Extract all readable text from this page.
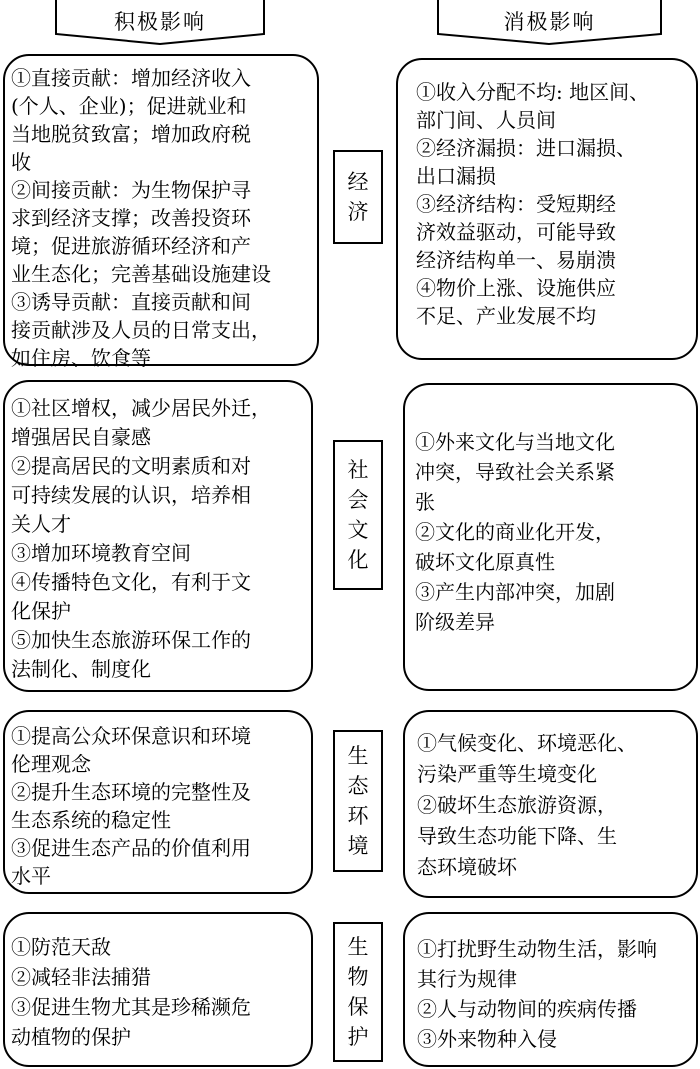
积极影响	消极影响
①直接贡献：增加经济收入
(个人、企业)；促进就业和
当地脱贫致富；增加政府税
收
②间接贡献：为生物保护寻
求到经济支撑；改善投资环
境；促进旅游循环经济和产
业生态化；完善基础设施建设
③诱导贡献：直接贡献和间
接贡献涉及人员的日常支出，
如住房、饮食等
经
济
①收入分配不均: 地区间、
部门间、人员间
②经济漏损：进口漏损、
出口漏损
③经济结构：受短期经
济效益驱动，可能导致
经济结构单一、易崩溃
④物价上涨、设施供应
不足、产业发展不均
①社区增权，减少居民外迁，
增强居民自豪感
②提高居民的文明素质和对
可持续发展的认识，培养相
关人才
③增加环境教育空间
④传播特色文化，有利于文
化保护
⑤加快生态旅游环保工作的
法制化、制度化
社
会
文
化
①外来文化与当地文化
冲突，导致社会关系紧
张
②文化的商业化开发，
破坏文化原真性
③产生内部冲突，加剧
阶级差异
①提高公众环保意识和环境
伦理观念
②提升生态环境的完整性及
生态系统的稳定性
③促进生态产品的价值利用
水平
生
态
环
境
①气候变化、环境恶化、
污染严重等生境变化
②破坏生态旅游资源，
导致生态功能下降、生
态环境破坏
①防范天敌
②减轻非法捕猎
③促进生物尤其是珍稀濒危
动植物的保护
生
物
保
护
①打扰野生动物生活，影响
其行为规律
②人与动物间的疾病传播
③外来物种入侵
